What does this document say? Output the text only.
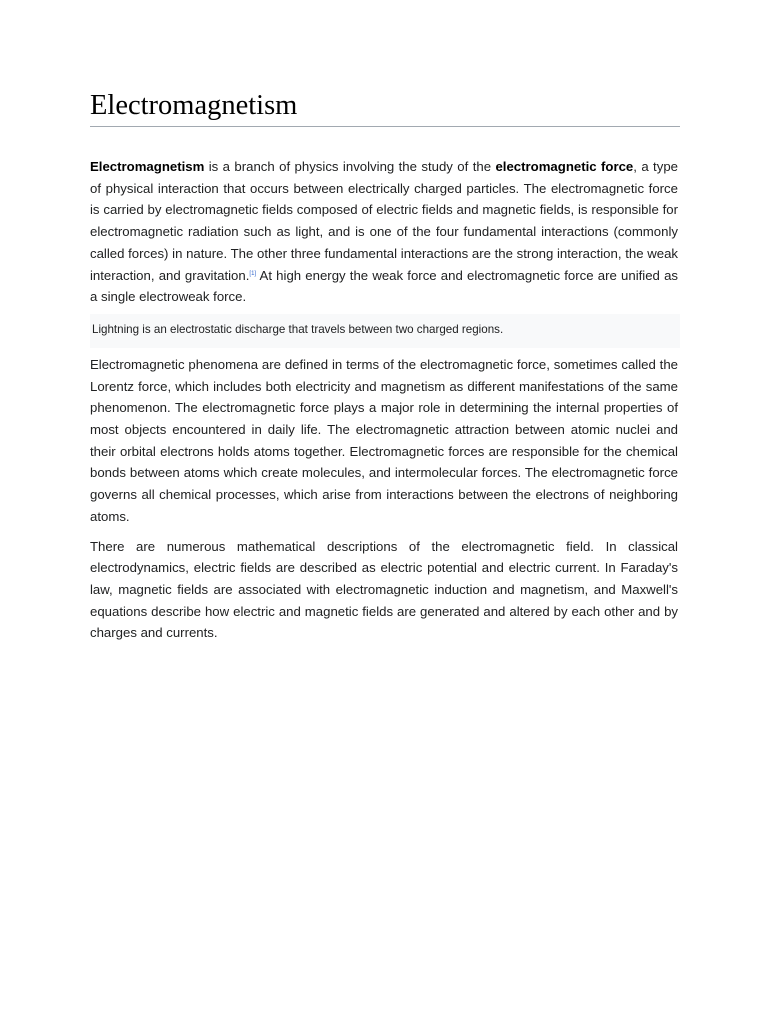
Electromagnetism

Electromagnetism is a branch of physics involving the study of the electromagnetic force, a type of physical interaction that occurs between electrically charged particles. The electromagnetic force is carried by electromagnetic fields composed of electric fields and magnetic fields, is responsible for electromagnetic radiation such as light, and is one of the four fundamental interactions (commonly called forces) in nature. The other three fundamental interactions are the strong interaction, the weak interaction, and gravitation.[1] At high energy the weak force and electromagnetic force are unified as a single electroweak force.

Lightning is an electrostatic discharge that travels between two charged regions.

Electromagnetic phenomena are defined in terms of the electromagnetic force, sometimes called the Lorentz force, which includes both electricity and magnetism as different manifestations of the same phenomenon. The electromagnetic force plays a major role in determining the internal properties of most objects encountered in daily life. The electromagnetic attraction between atomic nuclei and their orbital electrons holds atoms together. Electromagnetic forces are responsible for the chemical bonds between atoms which create molecules, and intermolecular forces. The electromagnetic force governs all chemical processes, which arise from interactions between the electrons of neighboring atoms.

There are numerous mathematical descriptions of the electromagnetic field. In classical electrodynamics, electric fields are described as electric potential and electric current. In Faraday's law, magnetic fields are associated with electromagnetic induction and magnetism, and Maxwell's equations describe how electric and magnetic fields are generated and altered by each other and by charges and currents.
